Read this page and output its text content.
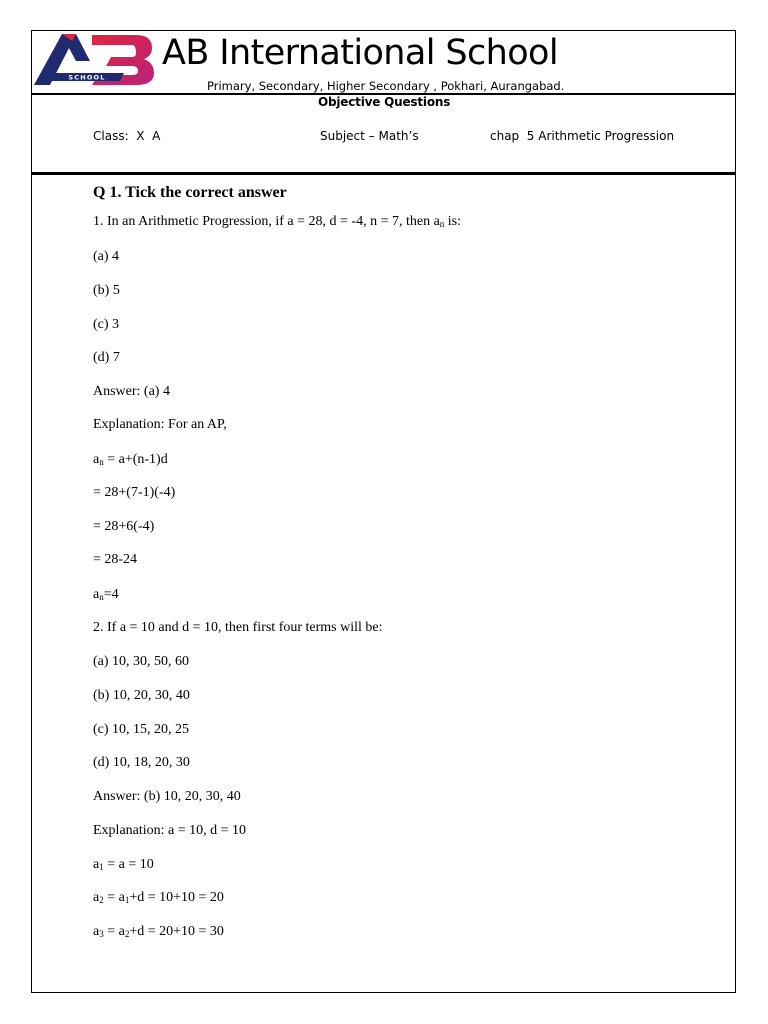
SCHOOL
AB International School
Primary, Secondary, Higher Secondary , Pokhari, Aurangabad.
Objective Questions
Class:  X  A	Subject – Math’s	chap  5 Arithmetic Progression
Q 1. Tick the correct answer
1. In an Arithmetic Progression, if a = 28, d = -4, n = 7, then $a_n$ is:
(a) 4
(b) 5
(c) 3
(d) 7
Answer: (a) 4
Explanation: For an AP,
$a_n = a+(n-1)d$
= 28+(7-1)(-4)
= 28+6(-4)
= 28-24
$a_n=4$
2. If a = 10 and d = 10, then first four terms will be:
(a) 10, 30, 50, 60
(b) 10, 20, 30, 40
(c) 10, 15, 20, 25
(d) 10, 18, 20, 30
Answer: (b) 10, 20, 30, 40
Explanation: a = 10, d = 10
$a_1 = a = 10$
$a_2 = a_1+d = 10+10 = 20$
$a_3 = a_2+d = 20+10 = 30$
